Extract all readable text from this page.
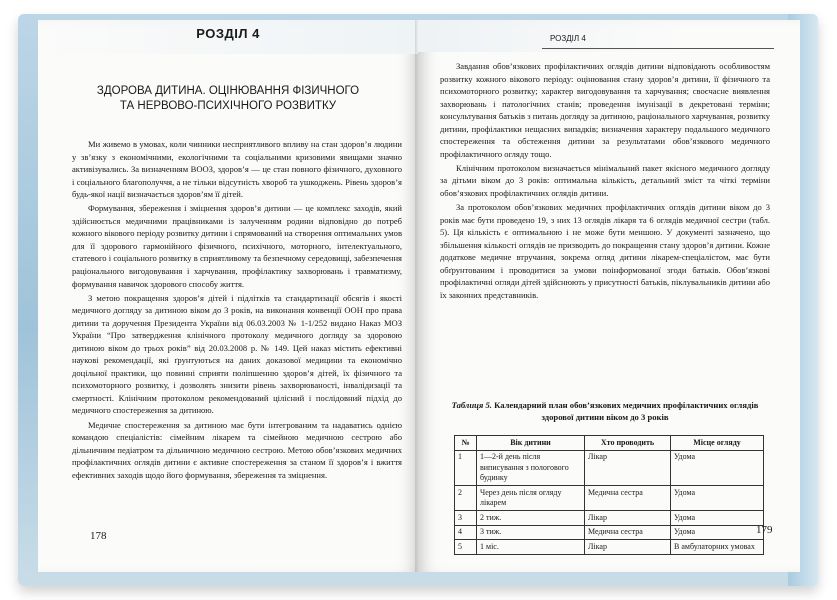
РОЗДІЛ 4
ЗДОРОВА ДИТИНА. ОЦІНЮВАННЯ ФІЗИЧНОГО
ТА НЕРВОВО-ПСИХІЧНОГО РОЗВИТКУ

Ми живемо в умовах, коли чинники несприятливого впливу на стан здоров’я людини у зв’язку з економічними, екологічними та соціальними кризовими явищами значно активізувались. За визначенням ВООЗ, здоров’я — це стан повного фізичного, духовного і соціального благополуччя, а не тільки відсутність хвороб та ушкоджень. Рівень здоров’я будь-якої нації визначається здоров’ям її дітей.

Формування, збереження і зміцнення здоров’я дитини — це комплекс заходів, який здійснюється медичними працівниками із залученням родини відповідно до потреб кожного вікового періоду розвитку дитини і спрямований на створення оптимальних умов для її здорового гармонійного фізичного, психічного, моторного, інтелектуального, статевого і соціального розвитку в сприятливому та безпечному середовищі, забезпечення раціонального вигодовування і харчування, профілактику захворювань і травматизму, формування навичок здорового способу життя.

З метою покращення здоров’я дітей і підлітків та стандартизації обсягів і якості медичного догляду за дитиною віком до 3 років, на виконання конвенції ООН про права дитини та доручення Президента України від 06.03.2003 № 1-1/252 видано Наказ МОЗ України “Про затвердження клінічного протоколу медичного догляду за здоровою дитиною віком до трьох років” від 20.03.2008 р. № 149. Цей наказ містить ефективні наукові рекомендації, які ґрунтуються на даних доказової медицини та економічно доцільної практики, що повинні сприяти поліпшенню здоров’я дітей, їх фізичного та психомоторного розвитку, і дозволять знизити рівень захворюваності, інвалідизації та смертності. Клінічним протоколом рекомендований цілісний і послідовний підхід до медичного спостереження за дитиною.

Медичне спостереження за дитиною має бути інтегрованим та надаватись однією командою спеціалістів: сімейним лікарем та сімейною медичною сестрою або дільничним педіатром та дільничною медичною сестрою. Метою обов’язкових медичних профілактичних оглядів дитини є активне спостереження за станом її здоров’я і вжиття ефективних заходів щодо його формування, збереження та зміцнення.

178
РОЗДІЛ 4

Завдання обов’язкових профілактичних оглядів дитини відповідають особливостям розвитку кожного вікового періоду: оцінювання стану здоров’я дитини, її фізичного та психомоторного розвитку; характер вигодовування та харчування; своєчасне виявлення захворювань і патологічних станів; проведення імунізації в декретовані терміни; консультування батьків з питань догляду за дитиною, раціонального харчування, розвитку дитини, профілактики нещасних випадків; визначення характеру подальшого медичного спостереження та обстеження дитини за результатами обов’язкового медичного профілактичного огляду тощо.

Клінічним протоколом визначається мінімальний пакет якісного медичного догляду за дітьми віком до 3 років: оптимальна кількість, детальний зміст та чіткі терміни обов’язкових профілактичних оглядів дитини.

За протоколом обов’язкових медичних профілактичних оглядів дитини віком до 3 років має бути проведено 19, з них 13 оглядів лікаря та 6 оглядів медичної сестри (табл. 5). Ця кількість є оптимальною і не може бути меншою. У документі зазначено, що збільшення кількості оглядів не призводить до покращення стану здоров’я дитини. Кожне додаткове медичне втручання, зокрема огляд дитини лікарем-спеціалістом, має бути обґрунтованим і проводитися за умови поінформованої згоди батьків. Обов’язкові профілактичні огляди дітей здійснюють у присутності батьків, піклувальників дитини або їх законних представників.

Таблиця 5. Календарний план обов’язкових медичних профілактичних оглядів здорової дитини віком до 3 років
№	Вік дитини	Хто проводить	Місце огляду
1	1—2-й день після виписування з пологового будинку	Лікар	Удома
2	Через день після огляду лікарем	Медична сестра	Удома
3	2 тиж.	Лікар	Удома
4	3 тиж.	Медична сестра	Удома
5	1 міс.	Лікар	В амбулаторних умовах
179
